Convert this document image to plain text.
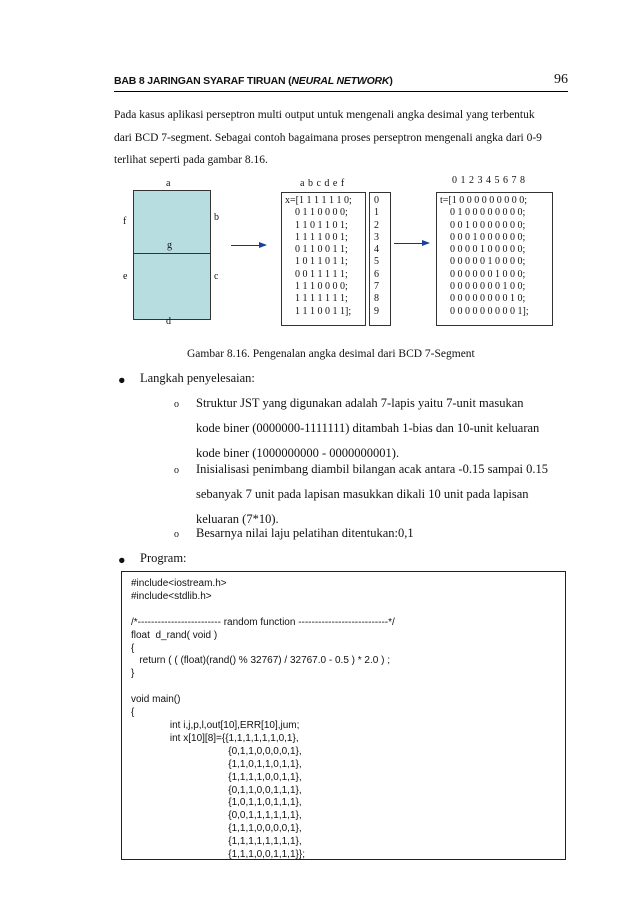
BAB 8 JARINGAN SYARAF TIRUAN (NEURAL NETWORK)	96

Pada kasus aplikasi perseptron multi output untuk mengenali angka desimal yang terbentuk

dari BCD 7-segment. Sebagai contoh bagaimana proses perseptron mengenali angka dari 0-9

terlihat seperti pada gambar 8.16.

a
b
c
d
e
f
g
a b c d e f
x=[1 1 1 1 1 1 0;
0 1 1 0 0 0 0;
1 1 0 1 1 0 1;
1 1 1 1 0 0 1;
0 1 1 0 0 1 1;
1 0 1 1 0 1 1;
0 0 1 1 1 1 1;
1 1 1 0 0 0 0;
1 1 1 1 1 1 1;
1 1 1 0 0 1 1];
0
1
2
3
4
5
6
7
8
9
0 1 2 3 4 5 6 7 8
t=[1 0 0 0 0 0 0 0 0 0;
0 1 0 0 0 0 0 0 0 0;
0 0 1 0 0 0 0 0 0 0;
0 0 0 1 0 0 0 0 0 0;
0 0 0 0 1 0 0 0 0 0;
0 0 0 0 0 1 0 0 0 0;
0 0 0 0 0 0 1 0 0 0;
0 0 0 0 0 0 0 1 0 0;
0 0 0 0 0 0 0 0 1 0;
0 0 0 0 0 0 0 0 0 1];
Gambar 8.16. Pengenalan angka desimal dari BCD 7-Segment
● Langkah penyelesaian:
o Struktur JST yang digunakan adalah 7-lapis yaitu 7-unit masukan
kode biner (0000000-1111111) ditambah 1-bias dan 10-unit keluaran
kode biner (1000000000 - 0000000001).
o Inisialisasi penimbang diambil bilangan acak antara -0.15 sampai 0.15
sebanyak 7 unit pada lapisan masukkan dikali 10 unit pada lapisan
keluaran (7*10).
o Besarnya nilai laju pelatihan ditentukan:0,1
● Program:
#include<iostream.h>
#include<stdlib.h>

/*------------------------- random function ---------------------------*/
float  d_rand( void )
{
return ( ( (float)(rand() % 32767) / 32767.0 - 0.5 ) * 2.0 ) ;
}

void main()
{
int i,j,p,l,out[10],ERR[10],jum;
int x[10][8]={{1,1,1,1,1,1,0,1},
{0,1,1,0,0,0,0,1},
{1,1,0,1,1,0,1,1},
{1,1,1,1,0,0,1,1},
{0,1,1,0,0,1,1,1},
{1,0,1,1,0,1,1,1},
{0,0,1,1,1,1,1,1},
{1,1,1,0,0,0,0,1},
{1,1,1,1,1,1,1,1},
{1,1,1,0,0,1,1,1}};
